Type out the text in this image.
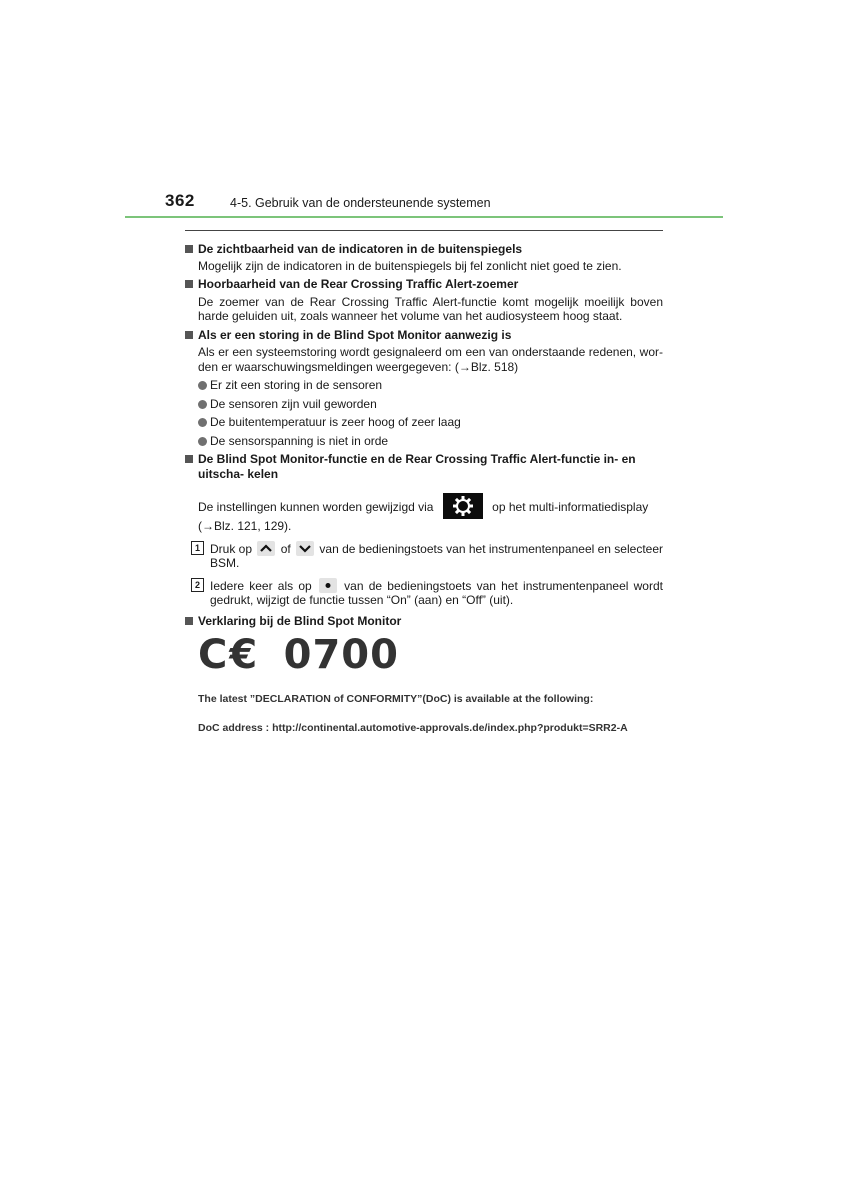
362	4-5. Gebruik van de ondersteunende systemen
De zichtbaarheid van de indicatoren in de buitenspiegels
Mogelijk zijn de indicatoren in de buitenspiegels bij fel zonlicht niet goed te zien.
Hoorbaarheid van de Rear Crossing Traffic Alert-zoemer
De zoemer van de Rear Crossing Traffic Alert-functie komt mogelijk moeilijk boven harde geluiden uit, zoals wanneer het volume van het audiosysteem hoog staat.
Als er een storing in de Blind Spot Monitor aanwezig is
Als er een systeemstoring wordt gesignaleerd om een van onderstaande redenen, wor- den er waarschuwingsmeldingen weergegeven: (→Blz. 518)
Er zit een storing in de sensoren
De sensoren zijn vuil geworden
De buitentemperatuur is zeer hoog of zeer laag
De sensorspanning is niet in orde
De Blind Spot Monitor-functie en de Rear Crossing Traffic Alert-functie in- en uitscha- kelen
De instellingen kunnen worden gewijzigd via	op het multi-informatiedisplay
(→Blz. 121, 129).
1 Druk op of van de bedieningstoets van het instrumentenpaneel en selecteer BSM.
2 Iedere keer als op	van de bedieningstoets van het instrumentenpaneel wordt gedrukt, wijzigt de functie tussen “On” (aan) en “Off” (uit).
Verklaring bij de Blind Spot Monitor
C€ 0700
The latest ”DECLARATION of CONFORMITY”(DoC) is available at the following:
DoC address : http://continental.automotive-approvals.de/index.php?produkt=SRR2-A
